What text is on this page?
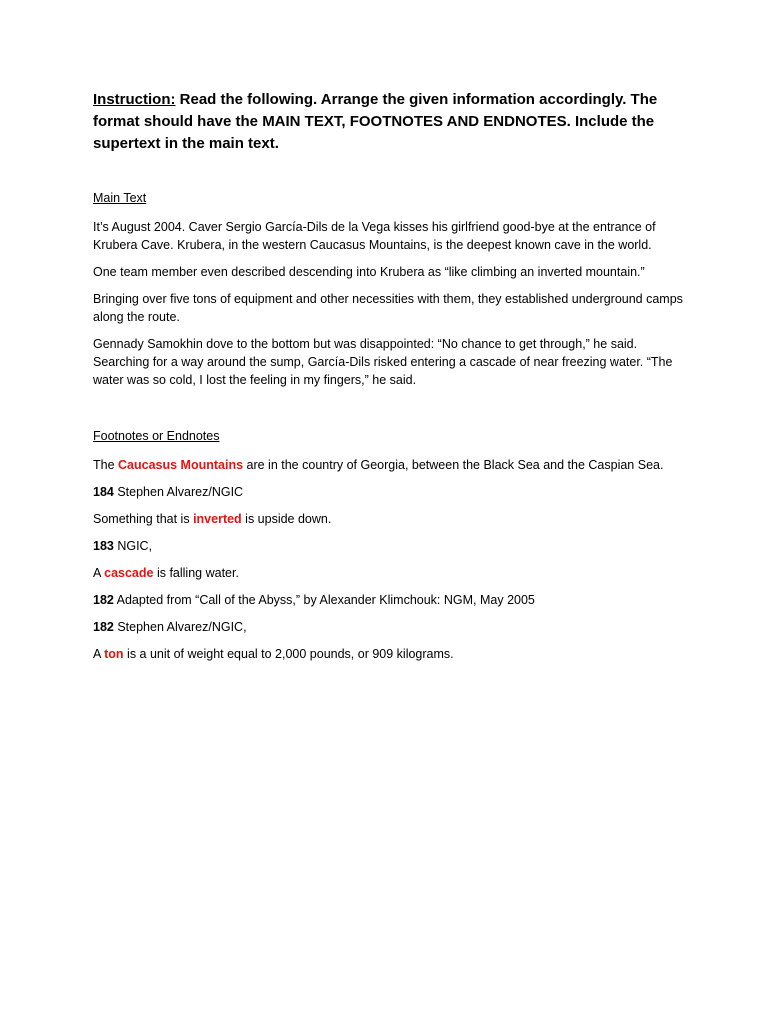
Instruction: Read the following. Arrange the given information accordingly. The format should have the MAIN TEXT, FOOTNOTES AND ENDNOTES. Include the supertext in the main text.

Main Text

It’s August 2004. Caver Sergio García-Dils de la Vega kisses his girlfriend good-bye at the entrance of Krubera Cave. Krubera, in the western Caucasus Mountains, is the deepest known cave in the world.

One team member even described descending into Krubera as “like climbing an inverted mountain.”

Bringing over five tons of equipment and other necessities with them, they established underground camps along the route.

Gennady Samokhin dove to the bottom but was disappointed: “No chance to get through,” he said. Searching for a way around the sump, García-Dils risked entering a cascade of near freezing water. “The water was so cold, I lost the feeling in my fingers,” he said.

Footnotes or Endnotes

The Caucasus Mountains are in the country of Georgia, between the Black Sea and the Caspian Sea.

184 Stephen Alvarez/NGIC

Something that is inverted is upside down.

183 NGIC,

A cascade is falling water.

182 Adapted from “Call of the Abyss,” by Alexander Klimchouk: NGM, May 2005

182 Stephen Alvarez/NGIC,

A ton is a unit of weight equal to 2,000 pounds, or 909 kilograms.
